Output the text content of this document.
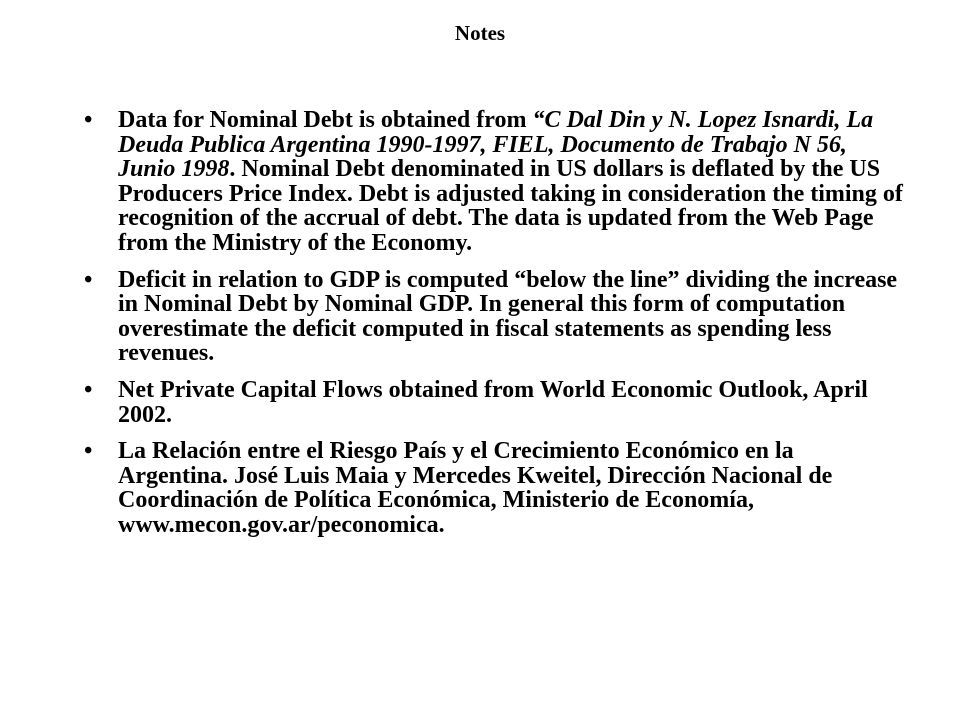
Notes
•	Data for Nominal Debt is obtained from “C Dal Din y N. Lopez Isnardi, La Deuda Publica Argentina 1990-1997, FIEL, Documento de Trabajo N 56, Junio 1998. Nominal Debt denominated in US dollars is deflated by the US Producers Price Index. Debt is adjusted taking in consideration the timing of recognition of the accrual of debt. The data is updated from the Web Page from the Ministry of the Economy.
•	Deficit in relation to GDP is computed “below the line” dividing the increase in Nominal Debt by Nominal GDP. In general this form of computation overestimate the deficit computed in fiscal statements as spending less revenues.
•	Net Private Capital Flows obtained from World Economic Outlook, April 2002.
•	La Relación entre el Riesgo País y el Crecimiento Económico en la Argentina. José Luis Maia y Mercedes Kweitel, Dirección Nacional de Coordinación de Política Económica, Ministerio de Economía, www.mecon.gov.ar/peconomica.
